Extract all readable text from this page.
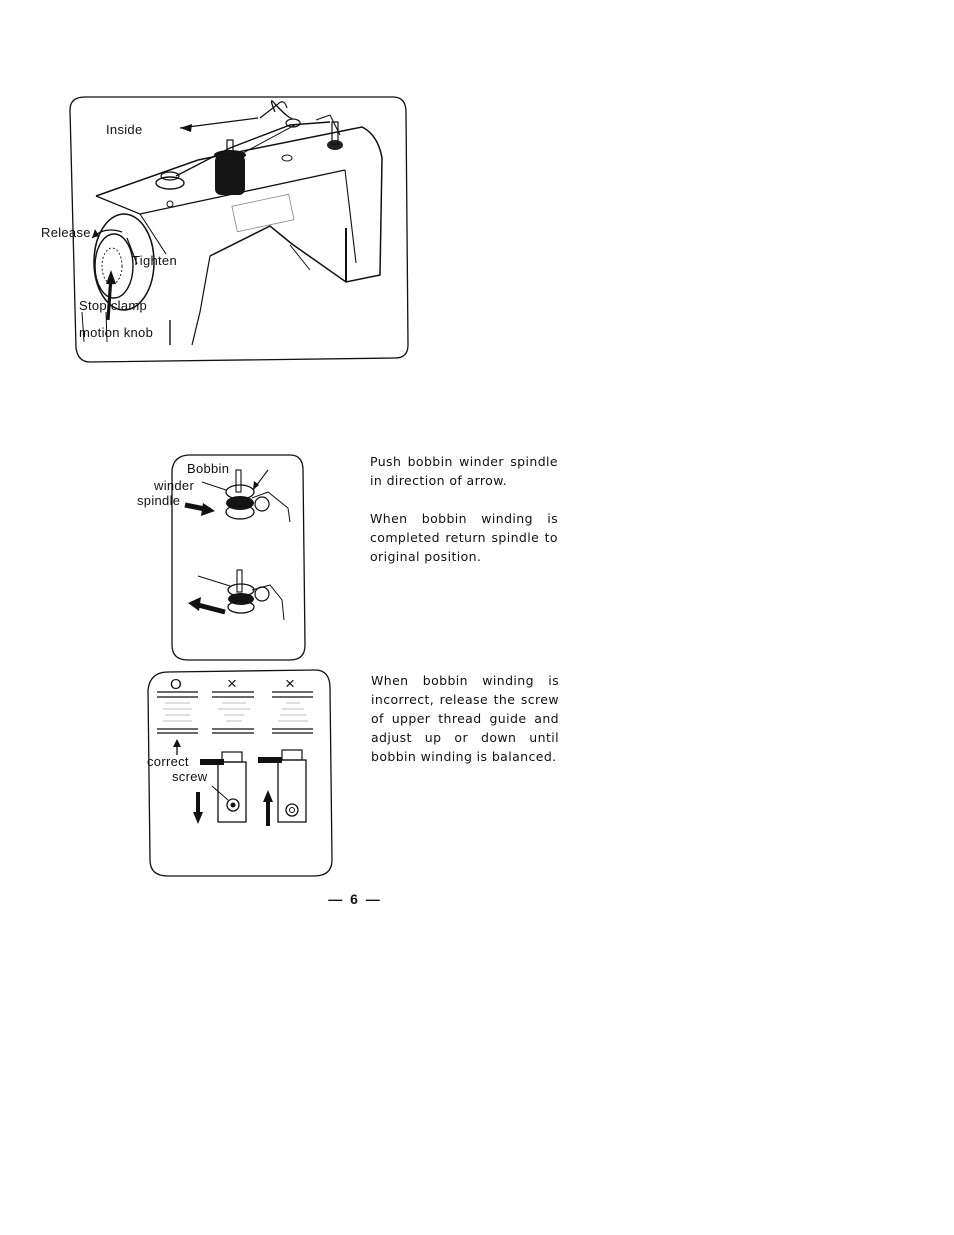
Inside
Release
Tighten
Stop clamp
motion knob
Bobbin
winder
spindle
O	×	×
correct
screw

Push bobbin winder spindle in direction of arrow.

When bobbin winding is completed return spindle to original position.

When bobbin winding is incorrect, release the screw of upper thread guide and adjust up or down until bobbin winding is balanced.

— 6 —
